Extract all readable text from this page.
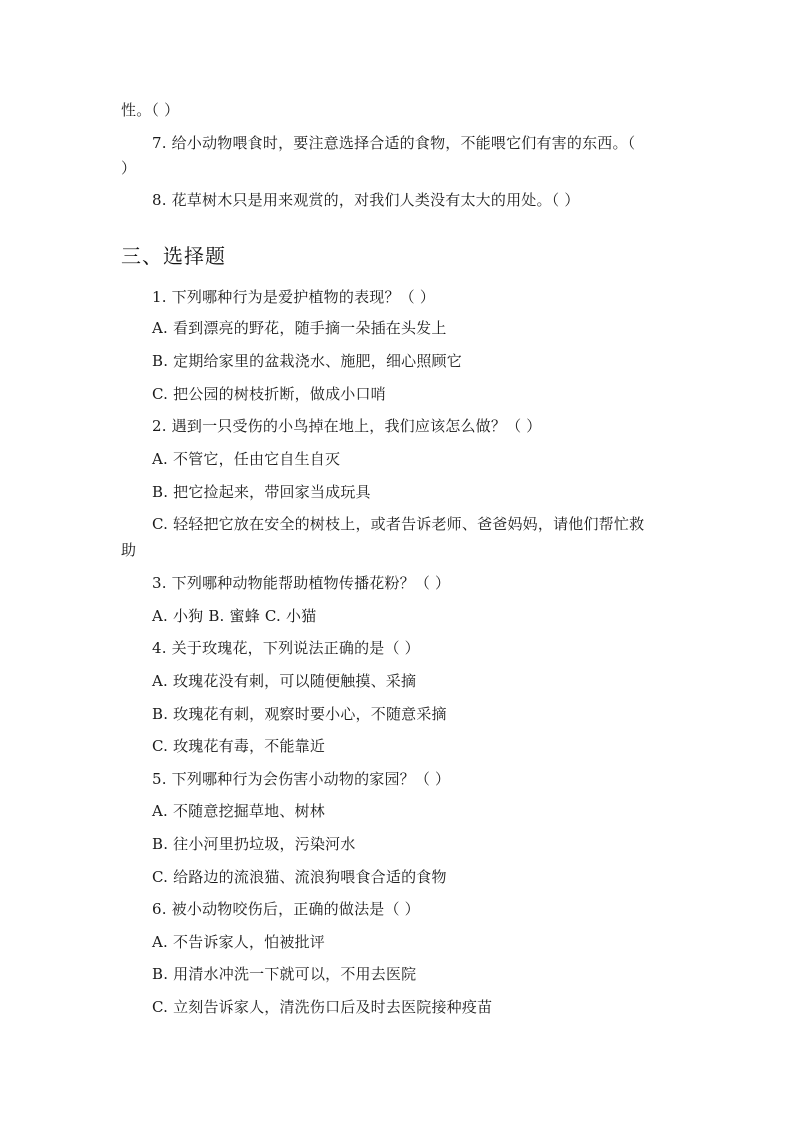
性。（ ）
7. 给小动物喂食时，要注意选择合适的食物，不能喂它们有害的东西。（
）
8. 花草树木只是用来观赏的，对我们人类没有太大的用处。（ ）
三、选择题
1. 下列哪种行为是爱护植物的表现？（ ）
A. 看到漂亮的野花，随手摘一朵插在头发上
B. 定期给家里的盆栽浇水、施肥，细心照顾它
C. 把公园的树枝折断，做成小口哨
2. 遇到一只受伤的小鸟掉在地上，我们应该怎么做？（ ）
A. 不管它，任由它自生自灭
B. 把它捡起来，带回家当成玩具
C. 轻轻把它放在安全的树枝上，或者告诉老师、爸爸妈妈，请他们帮忙救
助
3. 下列哪种动物能帮助植物传播花粉？（ ）
A. 小狗 B. 蜜蜂 C. 小猫
4. 关于玫瑰花，下列说法正确的是（ ）
A. 玫瑰花没有刺，可以随便触摸、采摘
B. 玫瑰花有刺，观察时要小心，不随意采摘
C. 玫瑰花有毒，不能靠近
5. 下列哪种行为会伤害小动物的家园？（ ）
A. 不随意挖掘草地、树林
B. 往小河里扔垃圾，污染河水
C. 给路边的流浪猫、流浪狗喂食合适的食物
6. 被小动物咬伤后，正确的做法是（ ）
A. 不告诉家人，怕被批评
B. 用清水冲洗一下就可以，不用去医院
C. 立刻告诉家人，清洗伤口后及时去医院接种疫苗
